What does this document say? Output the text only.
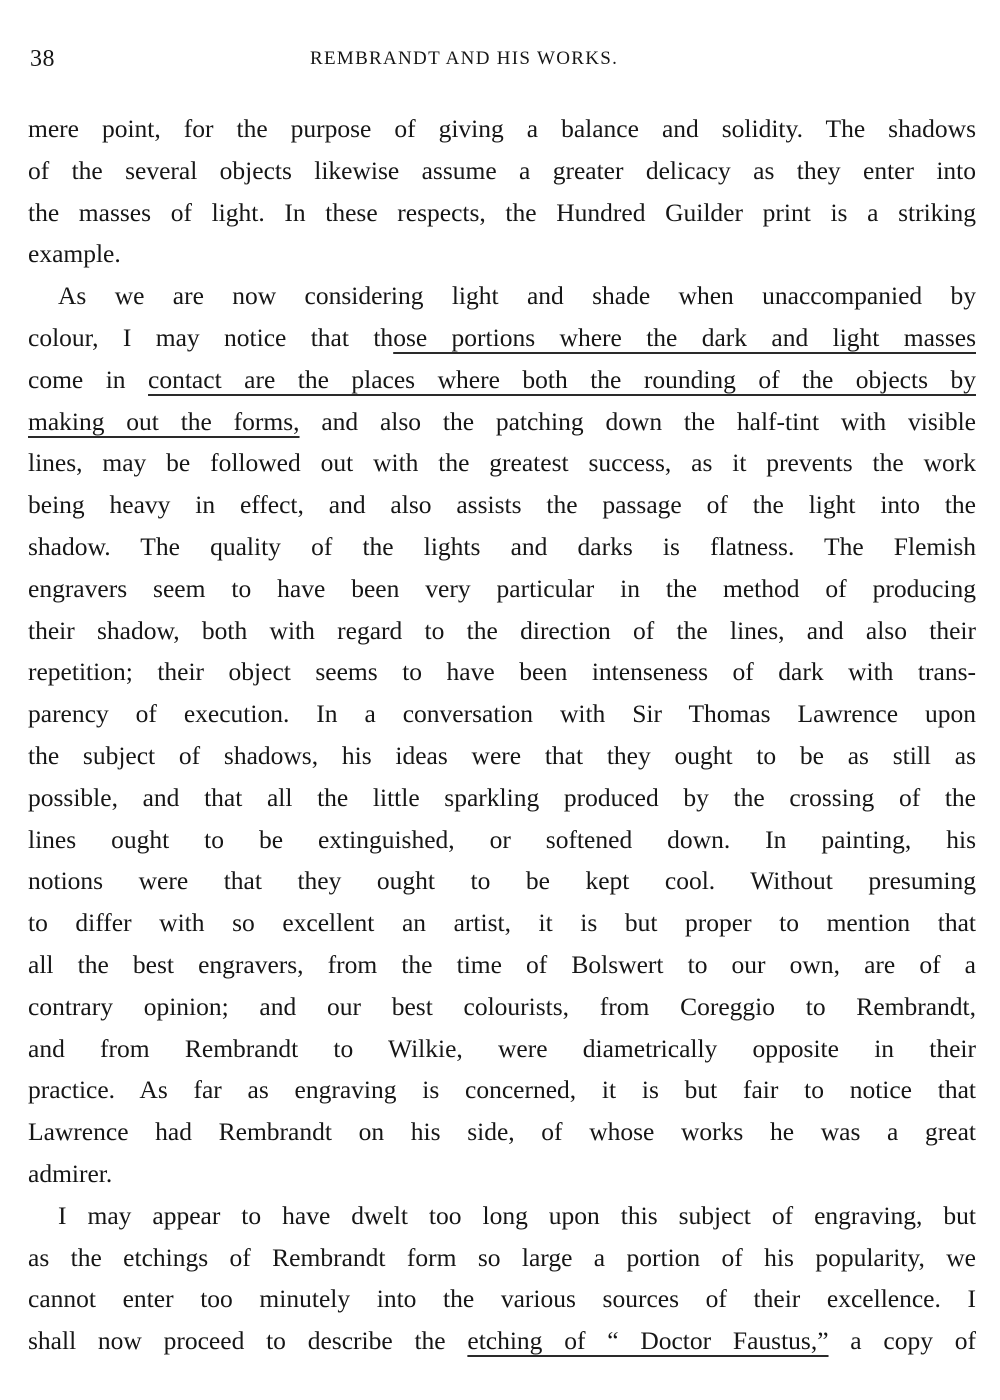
38	REMBRANDT AND HIS WORKS.
mere point, for the purpose of giving a balance and solidity. The shadows
of the several objects likewise assume a greater delicacy as they enter into
the masses of light. In these respects, the Hundred Guilder print is a striking
example.
As we are now considering light and shade when unaccompanied by
colour, I may notice that those portions where the dark and light masses
come in contact are the places where both the rounding of the objects by
making out the forms, and also the patching down the half-tint with visible
lines, may be followed out with the greatest success, as it prevents the work
being heavy in effect, and also assists the passage of the light into the
shadow. The quality of the lights and darks is flatness. The Flemish
engravers seem to have been very particular in the method of producing
their shadow, both with regard to the direction of the lines, and also their
repetition; their object seems to have been intenseness of dark with trans-
parency of execution. In a conversation with Sir Thomas Lawrence upon
the subject of shadows, his ideas were that they ought to be as still as
possible, and that all the little sparkling produced by the crossing of the
lines ought to be extinguished, or softened down. In painting, his
notions were that they ought to be kept cool. Without presuming
to differ with so excellent an artist, it is but proper to mention that
all the best engravers, from the time of Bolswert to our own, are of a
contrary opinion; and our best colourists, from Coreggio to Rembrandt,
and from Rembrandt to Wilkie, were diametrically opposite in their
practice. As far as engraving is concerned, it is but fair to notice that
Lawrence had Rembrandt on his side, of whose works he was a great
admirer.
I may appear to have dwelt too long upon this subject of engraving, but
as the etchings of Rembrandt form so large a portion of his popularity, we
cannot enter too minutely into the various sources of their excellence. I
shall now proceed to describe the etching of “ Doctor Faustus,” a copy of
